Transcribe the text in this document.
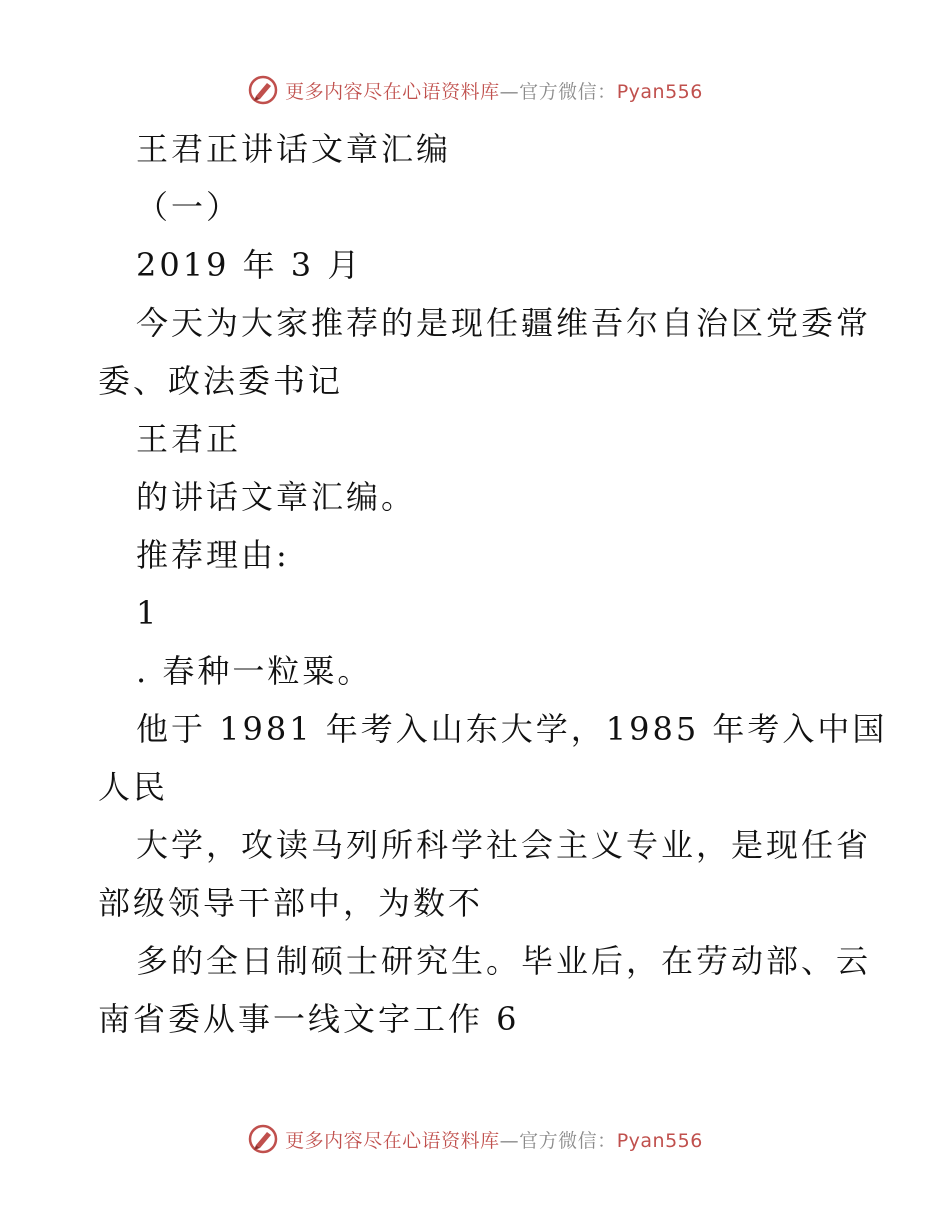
更多内容尽在心语资料库—官方微信：Pyan556
王君正讲话文章汇编
（一）
2019 年 3 月
今天为大家推荐的是现任疆维吾尔自治区党委常
委、政法委书记
王君正
的讲话文章汇编。
推荐理由:
1
. 春种一粒粟。
他于 1981 年考入山东大学，1985 年考入中国
人民
大学，攻读马列所科学社会主义专业，是现任省
部级领导干部中，为数不
多的全日制硕士研究生。毕业后，在劳动部、云
南省委从事一线文字工作 6
更多内容尽在心语资料库—官方微信：Pyan556
